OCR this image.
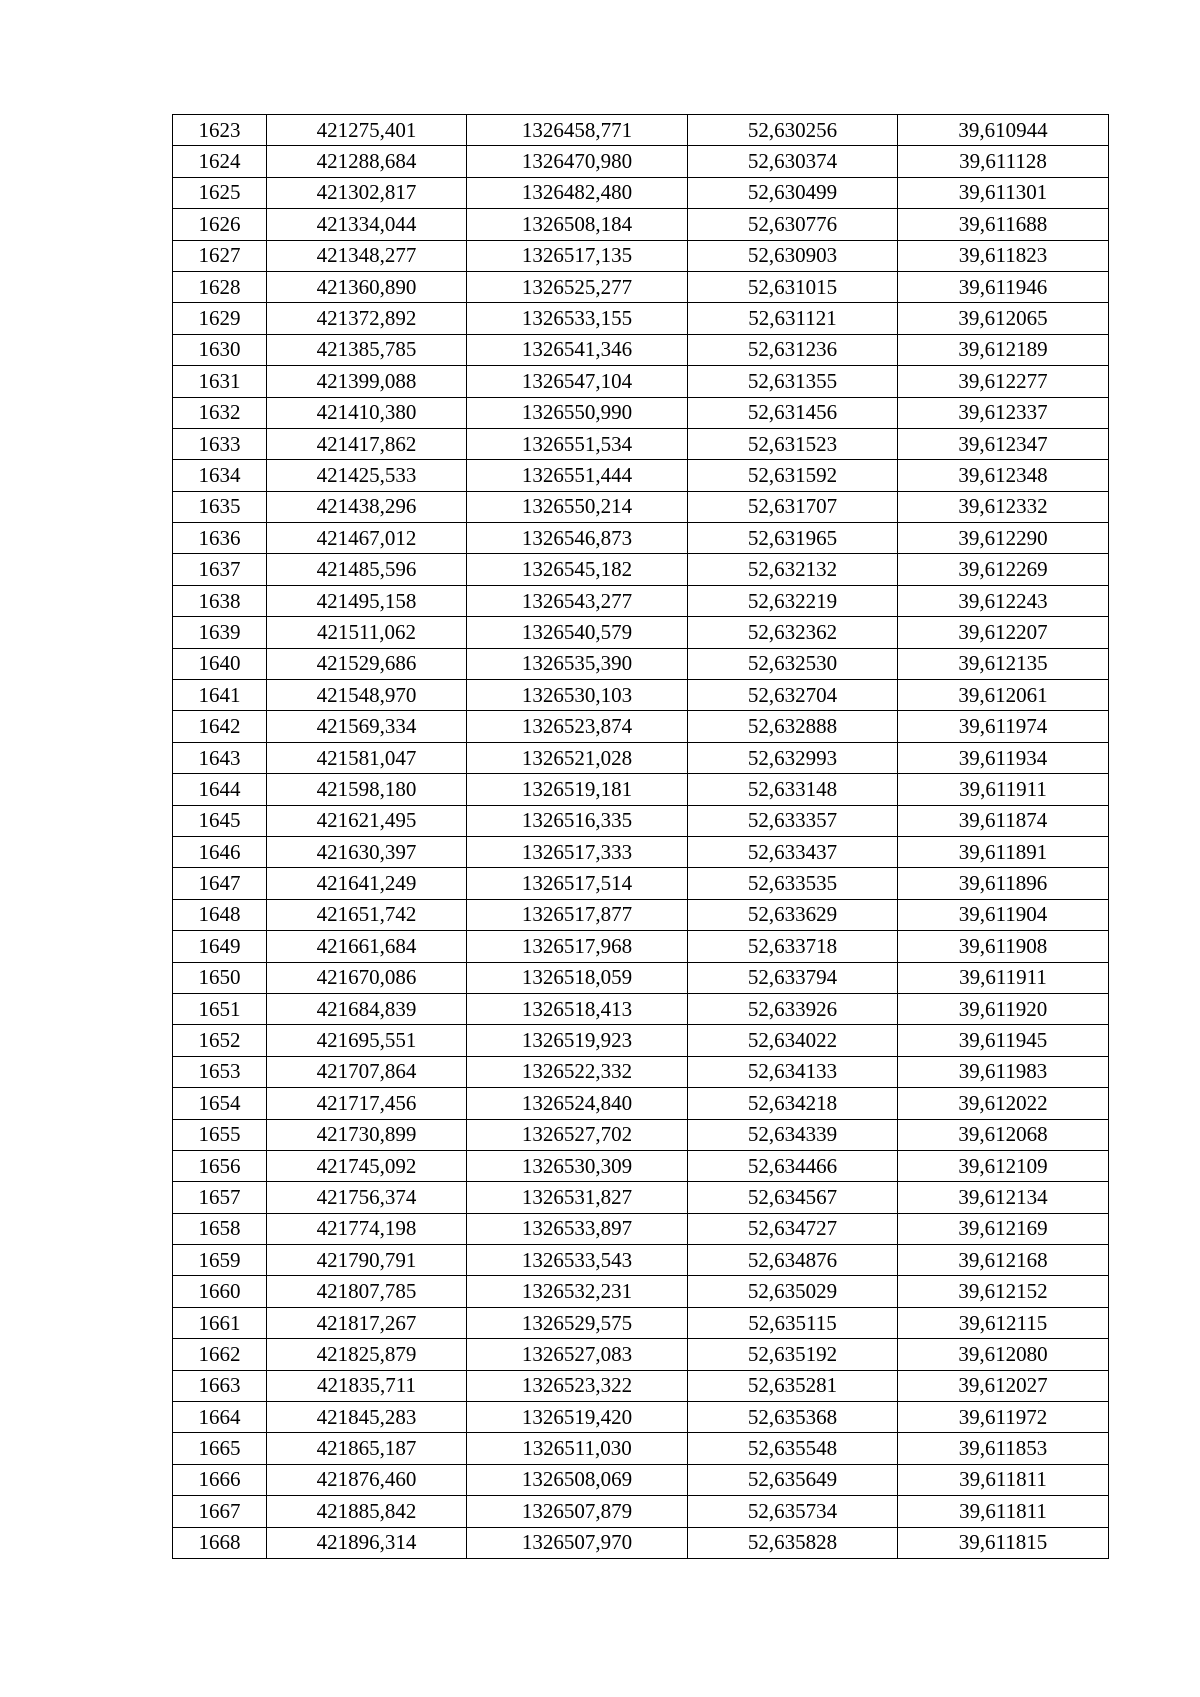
1623	421275,401	1326458,771	52,630256	39,610944
1624	421288,684	1326470,980	52,630374	39,611128
1625	421302,817	1326482,480	52,630499	39,611301
1626	421334,044	1326508,184	52,630776	39,611688
1627	421348,277	1326517,135	52,630903	39,611823
1628	421360,890	1326525,277	52,631015	39,611946
1629	421372,892	1326533,155	52,631121	39,612065
1630	421385,785	1326541,346	52,631236	39,612189
1631	421399,088	1326547,104	52,631355	39,612277
1632	421410,380	1326550,990	52,631456	39,612337
1633	421417,862	1326551,534	52,631523	39,612347
1634	421425,533	1326551,444	52,631592	39,612348
1635	421438,296	1326550,214	52,631707	39,612332
1636	421467,012	1326546,873	52,631965	39,612290
1637	421485,596	1326545,182	52,632132	39,612269
1638	421495,158	1326543,277	52,632219	39,612243
1639	421511,062	1326540,579	52,632362	39,612207
1640	421529,686	1326535,390	52,632530	39,612135
1641	421548,970	1326530,103	52,632704	39,612061
1642	421569,334	1326523,874	52,632888	39,611974
1643	421581,047	1326521,028	52,632993	39,611934
1644	421598,180	1326519,181	52,633148	39,611911
1645	421621,495	1326516,335	52,633357	39,611874
1646	421630,397	1326517,333	52,633437	39,611891
1647	421641,249	1326517,514	52,633535	39,611896
1648	421651,742	1326517,877	52,633629	39,611904
1649	421661,684	1326517,968	52,633718	39,611908
1650	421670,086	1326518,059	52,633794	39,611911
1651	421684,839	1326518,413	52,633926	39,611920
1652	421695,551	1326519,923	52,634022	39,611945
1653	421707,864	1326522,332	52,634133	39,611983
1654	421717,456	1326524,840	52,634218	39,612022
1655	421730,899	1326527,702	52,634339	39,612068
1656	421745,092	1326530,309	52,634466	39,612109
1657	421756,374	1326531,827	52,634567	39,612134
1658	421774,198	1326533,897	52,634727	39,612169
1659	421790,791	1326533,543	52,634876	39,612168
1660	421807,785	1326532,231	52,635029	39,612152
1661	421817,267	1326529,575	52,635115	39,612115
1662	421825,879	1326527,083	52,635192	39,612080
1663	421835,711	1326523,322	52,635281	39,612027
1664	421845,283	1326519,420	52,635368	39,611972
1665	421865,187	1326511,030	52,635548	39,611853
1666	421876,460	1326508,069	52,635649	39,611811
1667	421885,842	1326507,879	52,635734	39,611811
1668	421896,314	1326507,970	52,635828	39,611815
